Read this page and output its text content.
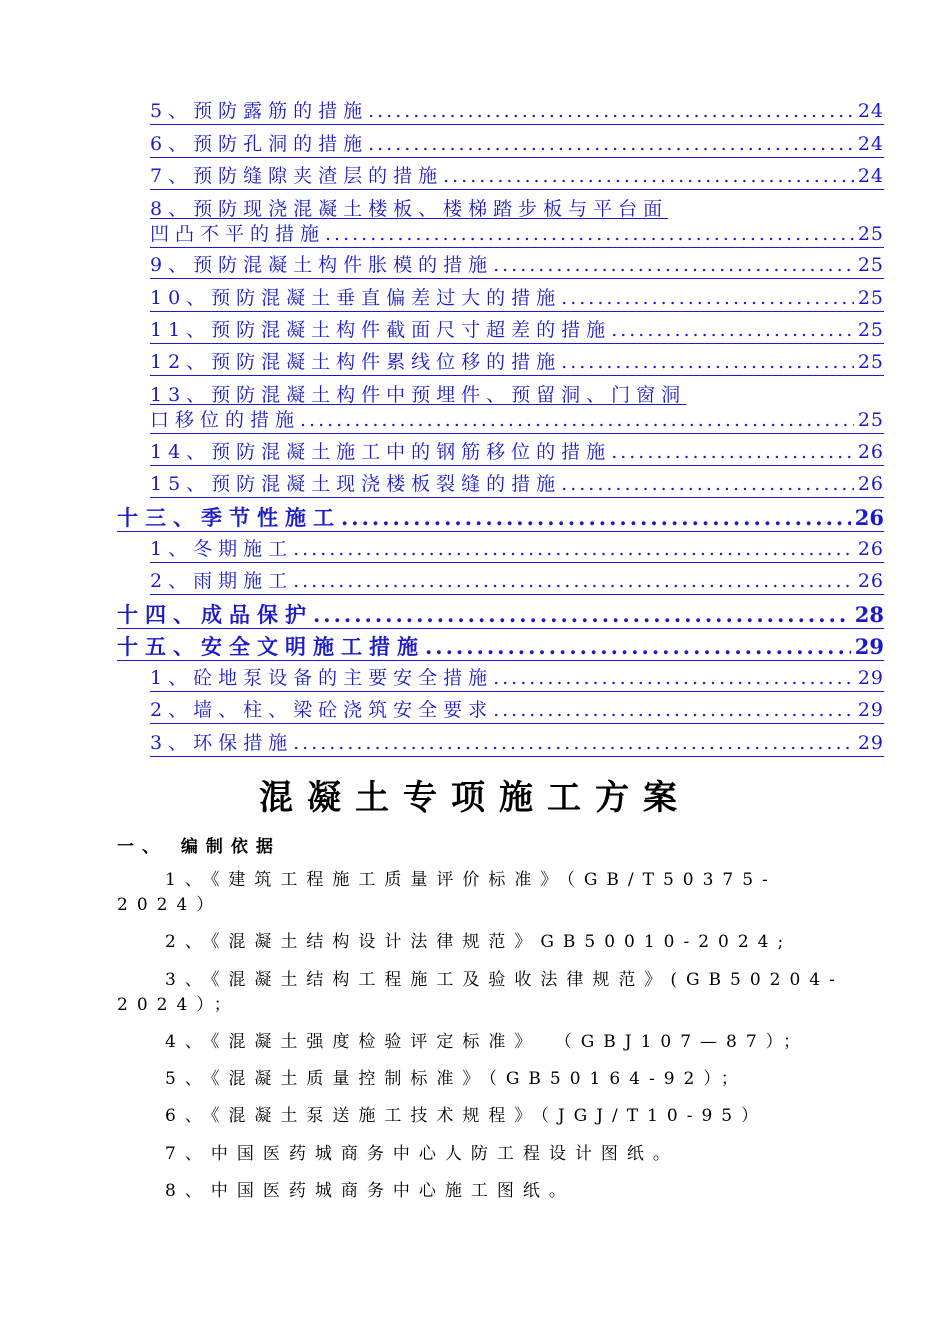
5、预防露筋的措施 .....	24
6、预防孔洞的措施 .....	24
7、预防缝隙夹渣层的措施 .....	24
8、预防现浇混凝土楼板、楼梯踏步板与平台面
凹凸不平的措施 .....	25
9、预防混凝土构件胀模的措施 .....	25
10、预防混凝土垂直偏差过大的措施 .....	25
11、预防混凝土构件截面尺寸超差的措施 .....	25
12、预防混凝土构件累线位移的措施 .....	25
13、预防混凝土构件中预埋件、预留洞、门窗洞
口移位的措施 .....	25
14、预防混凝土施工中的钢筋移位的措施 .....	26
15、预防混凝土现浇楼板裂缝的措施 .....	26
十三、季节性施工 .....	26
1、冬期施工 .....	26
2、雨期施工 .....	26
十四、成品保护 .....	28
十五、安全文明施工措施 .....	29
1、砼地泵设备的主要安全措施 .....	29
2、墙、柱、梁砼浇筑安全要求 .....	29
3、环保措施 .....	29
混凝土专项施工方案
一、 编制依据
1、《建筑工程施工质量评价标准》（GB/T50375-2024）
2、《混凝土结构设计法律规范》GB50010-2024;
3、《混凝土结构工程施工及验收法律规范》(GB50204-2024）；
4、《混凝土强度检验评定标准》 （GBJ107—87）；
5、《混凝土质量控制标准》（GB50164-92）；
6、《混凝土泵送施工技术规程》（JGJ/T10-95）
7、中国医药城商务中心人防工程设计图纸。
8、中国医药城商务中心施工图纸。
